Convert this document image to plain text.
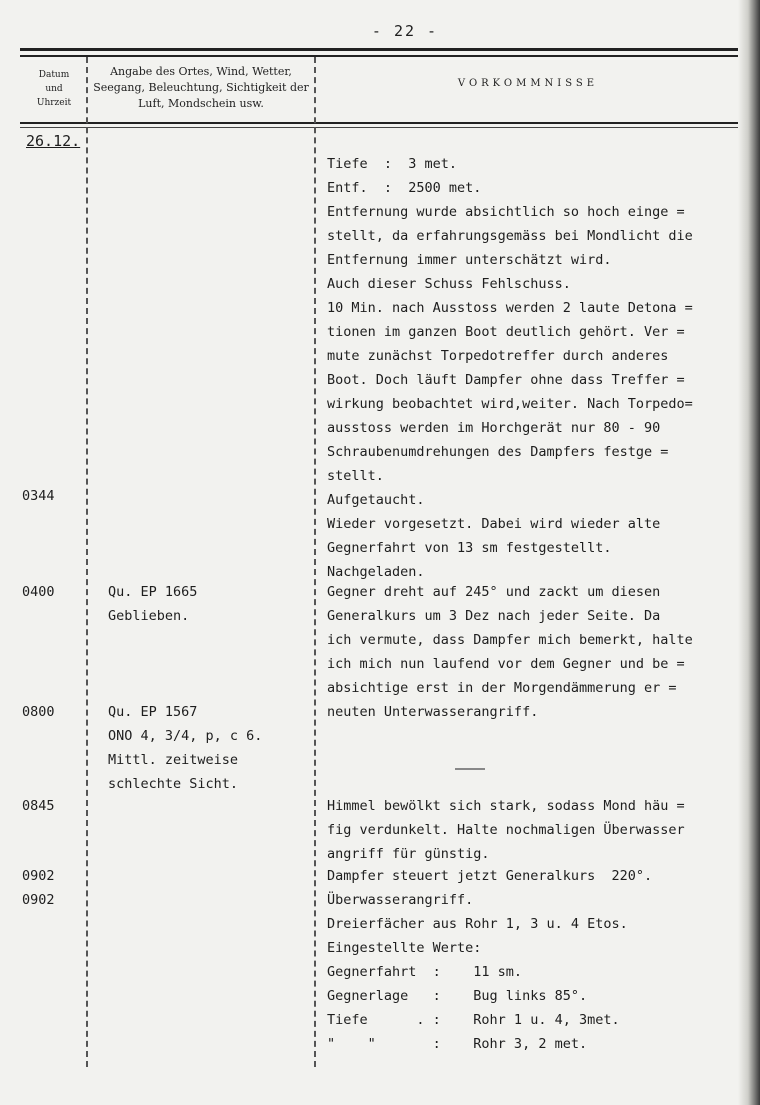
- 22 -
Datum
und
Uhrzeit
Angabe des Ortes, Wind, Wetter, Seegang, Beleuchtung, Sichtigkeit der Luft, Mondschein usw.
VORKOMMNISSE
26.12.
0344
0400
0800
0845
0902
0902
Qu. EP 1665
Geblieben.
Qu. EP 1567
ONO 4, 3/4, p, c 6.
Mittl. zeitweise
schlechte Sicht.
Tiefe  :  3 met.
Entf.  :  2500 met.
Entfernung wurde absichtlich so hoch einge =
stellt, da erfahrungsgemäss bei Mondlicht die
Entfernung immer unterschätzt wird.
Auch dieser Schuss Fehlschuss.
10 Min. nach Ausstoss werden 2 laute Detona =
tionen im ganzen Boot deutlich gehört. Ver =
mute zunächst Torpedotreffer durch anderes
Boot. Doch läuft Dampfer ohne dass Treffer =
wirkung beobachtet wird,weiter. Nach Torpedo=
ausstoss werden im Horchgerät nur 80 - 90
Schraubenumdrehungen des Dampfers festge =
stellt.
Aufgetaucht.
Wieder vorgesetzt. Dabei wird wieder alte
Gegnerfahrt von 13 sm festgestellt.
Nachgeladen.
Gegner dreht auf 245° und zackt um diesen
Generalkurs um 3 Dez nach jeder Seite. Da
ich vermute, dass Dampfer mich bemerkt, halte
ich mich nun laufend vor dem Gegner und be =
absichtige erst in der Morgendämmerung er =
neuten Unterwasserangriff.
Himmel bewölkt sich stark, sodass Mond häu =
fig verdunkelt. Halte nochmaligen Überwasser
angriff für günstig.
Dampfer steuert jetzt Generalkurs  220°.
Überwasserangriff.
Dreierfächer aus Rohr 1, 3 u. 4 Etos.
Eingestellte Werte:
Gegnerfahrt  :    11 sm.
Gegnerlage   :    Bug links 85°.
Tiefe      . :    Rohr 1 u. 4, 3met.
"    "       :    Rohr 3, 2 met.
